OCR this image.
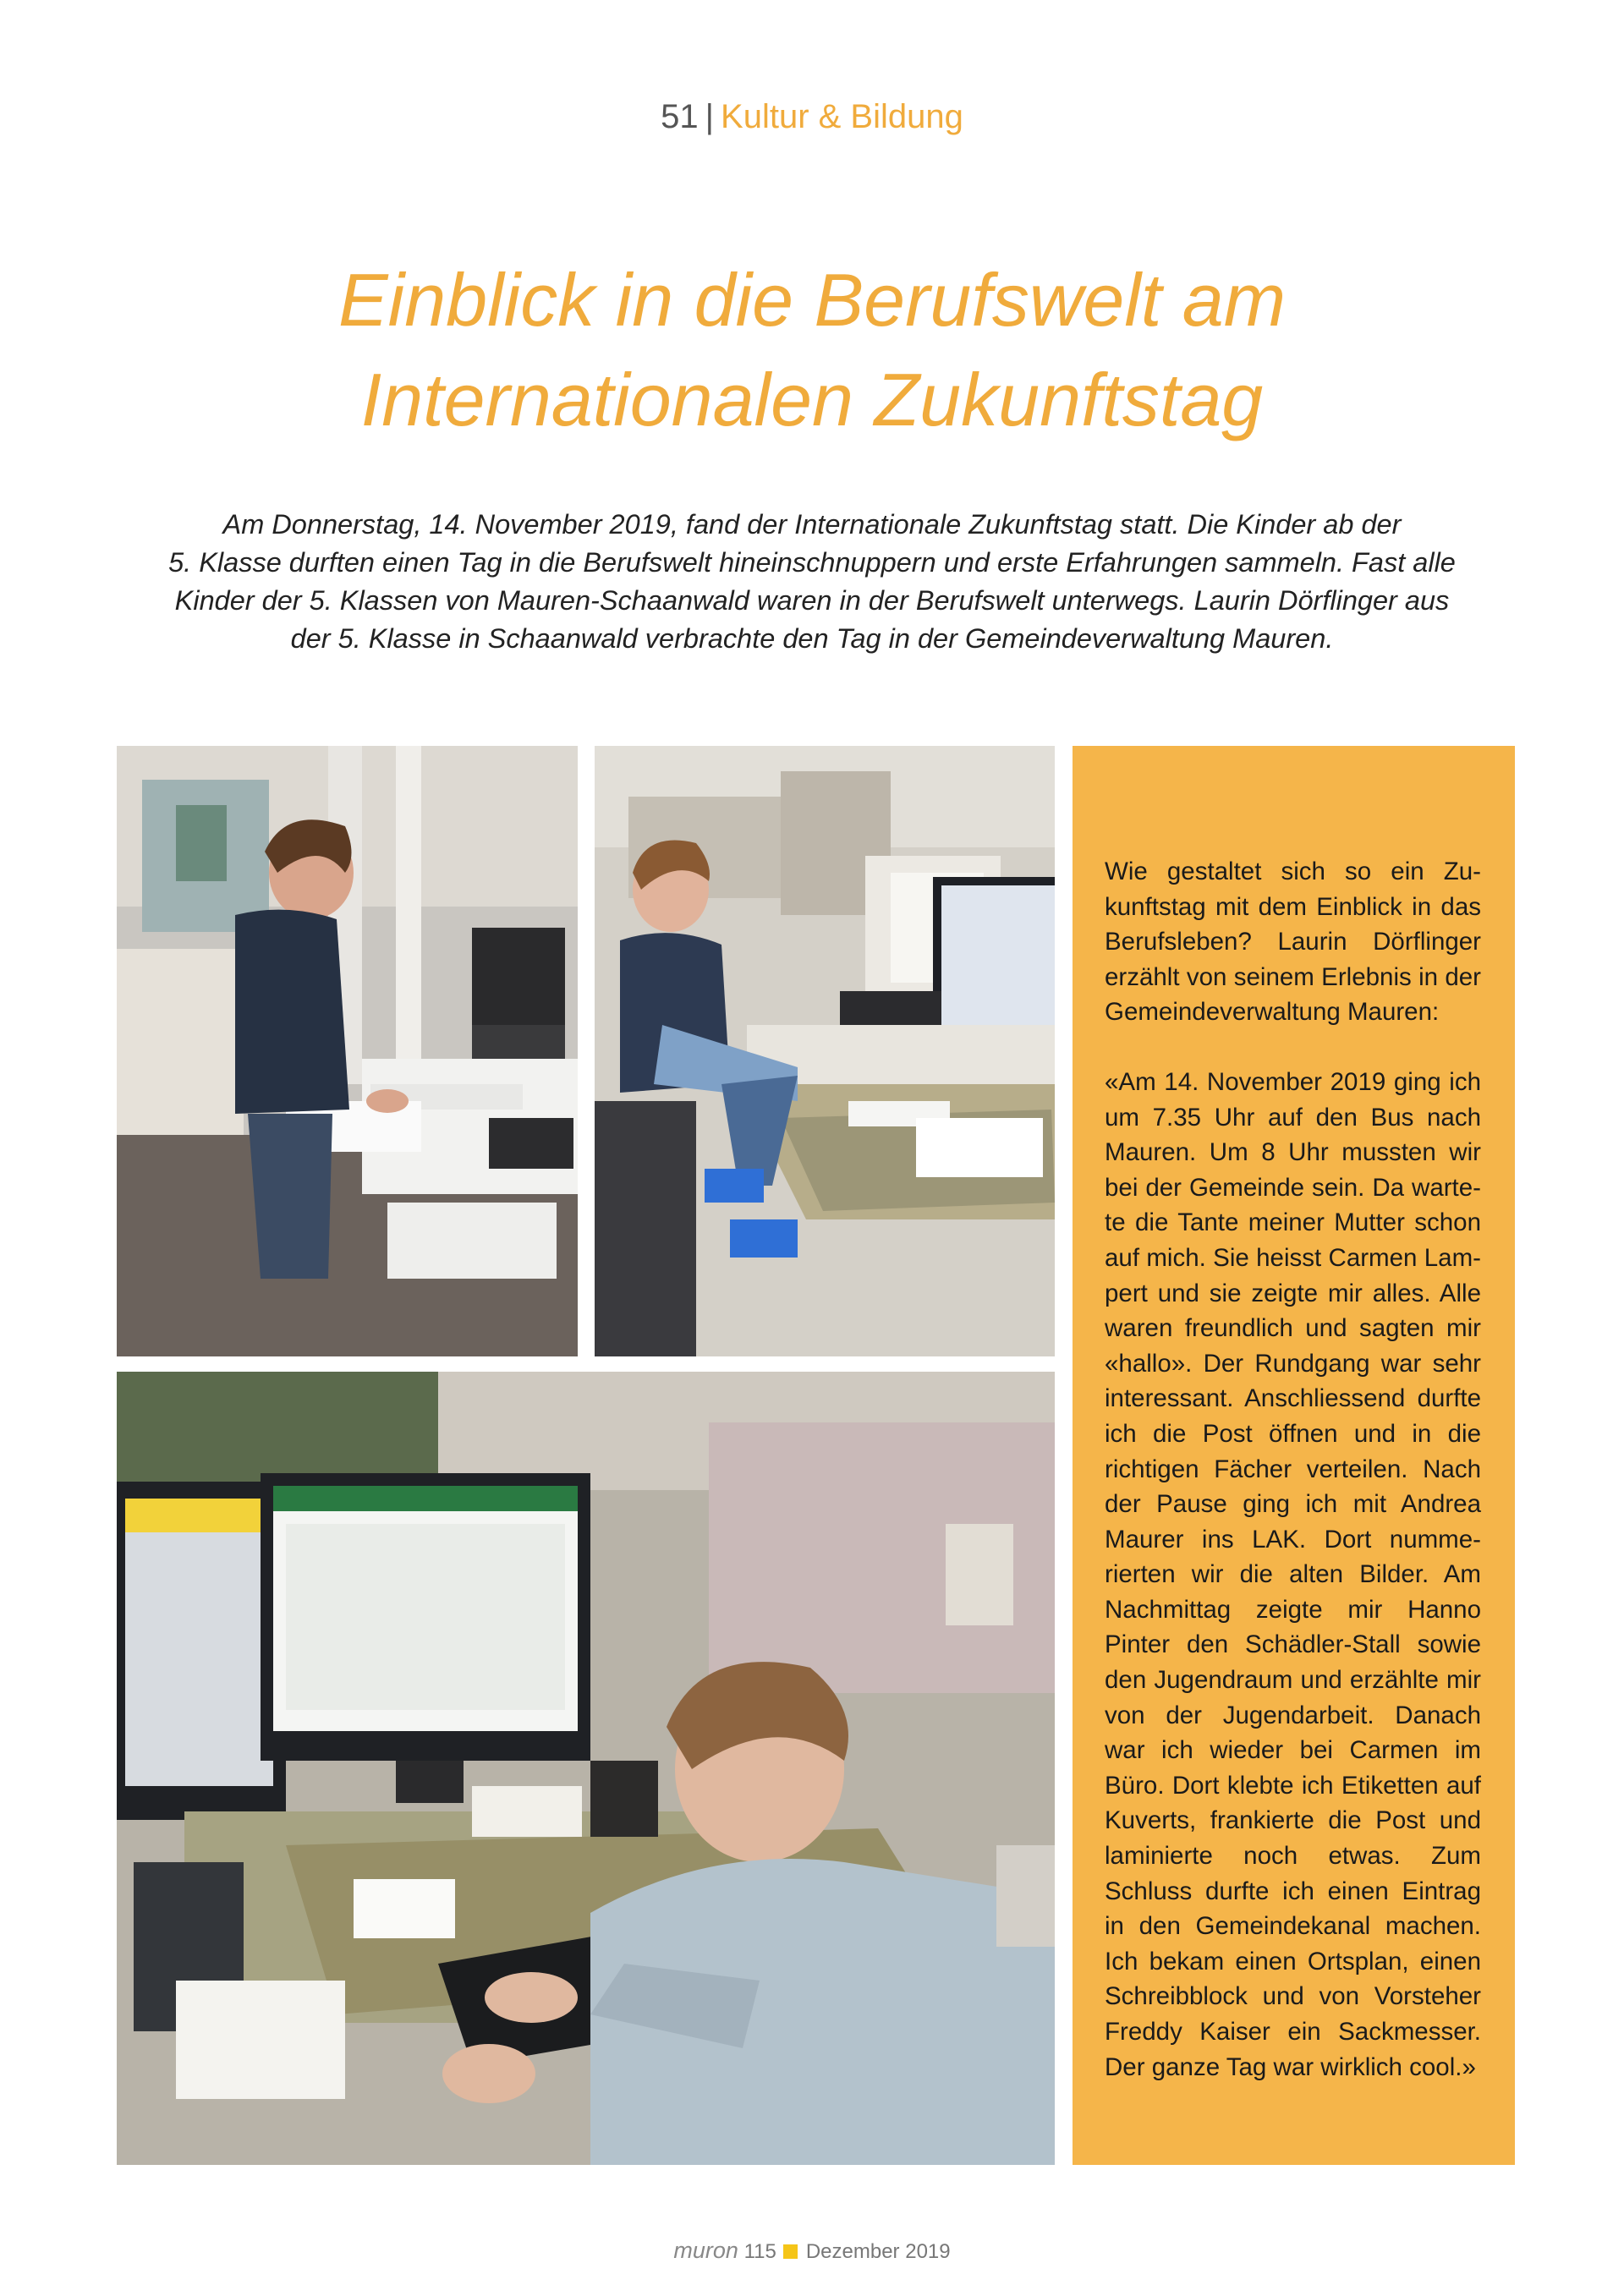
51 | Kultur & Bildung
Einblick in die Berufswelt am
Internationalen Zukunftstag
Am Donnerstag, 14. November 2019, fand der Internationale Zukunftstag statt. Die Kinder ab der
5. Klasse durften einen Tag in die Berufswelt hineinschnuppern und erste Erfahrungen sammeln. Fast alle
Kinder der 5. Klassen von Mauren-Schaanwald waren in der Berufswelt unterwegs. Laurin Dörflinger aus
der 5. Klasse in Schaanwald verbrachte den Tag in der Gemeindeverwaltung Mauren.

Wie gestaltet sich so ein Zukunftstag mit dem Einblick in das Berufsleben? Laurin Dörflinger erzählt von seinem Erlebnis in der Gemeindeverwaltung Mauren:

«Am 14. November 2019 ging ich um 7.35 Uhr auf den Bus nach Mauren. Um 8 Uhr mussten wir bei der Gemeinde sein. Da wartete die Tante meiner Mutter schon auf mich. Sie heisst Carmen Lampert und sie zeigte mir alles. Alle waren freundlich und sagten mir «hallo». Der Rundgang war sehr interessant. Anschliessend durfte ich die Post öffnen und in die richtigen Fächer verteilen. Nach der Pause ging ich mit Andrea Maurer ins LAK. Dort nummerierten wir die alten Bilder. Am Nachmittag zeigte mir Hanno Pinter den Schädler-Stall sowie den Jugendraum und erzählte mir von der Jugendarbeit. Danach war ich wieder bei Carmen im Büro. Dort klebte ich Etiketten auf Kuverts, frankierte die Post und laminierte noch etwas. Zum Schluss durfte ich einen Eintrag in den Gemeindekanal machen. Ich bekam einen Ortsplan, einen Schreibblock und von Vorsteher Freddy Kaiser ein Sackmesser. Der ganze Tag war wirklich cool.»

muron 115 Dezember 2019
